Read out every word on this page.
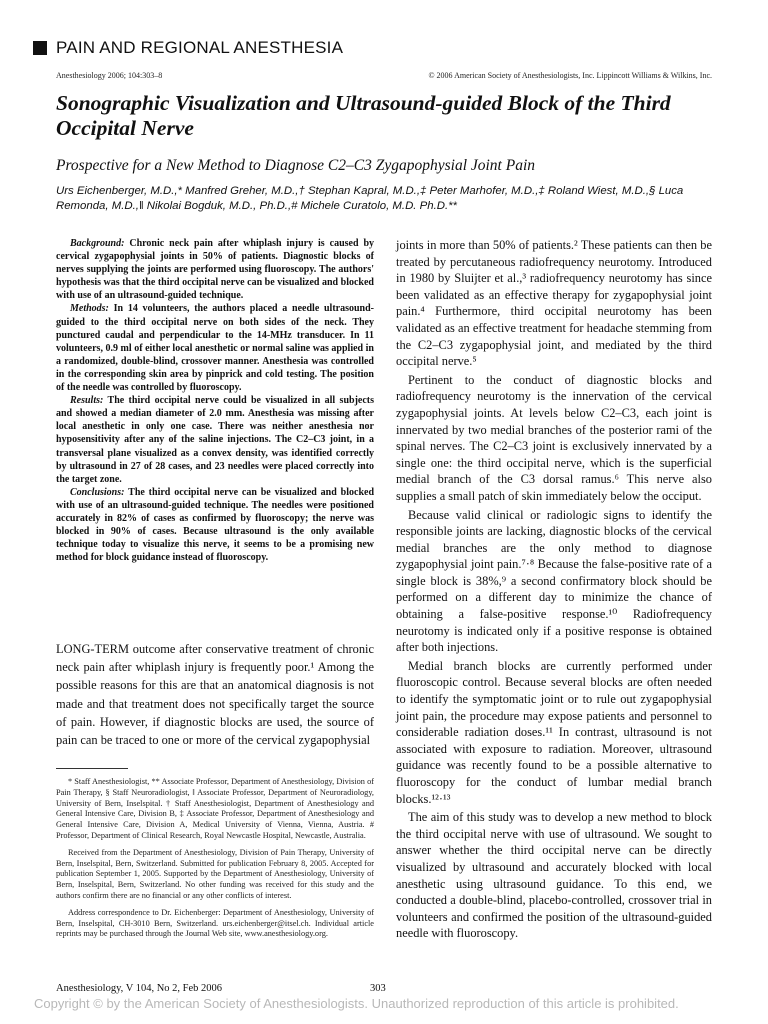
PAIN AND REGIONAL ANESTHESIA
Anesthesiology 2006; 104:303–8	© 2006 American Society of Anesthesiologists, Inc. Lippincott Williams & Wilkins, Inc.
Sonographic Visualization and Ultrasound-guided Block of the Third Occipital Nerve
Prospective for a New Method to Diagnose C2–C3 Zygapophysial Joint Pain
Urs Eichenberger, M.D.,* Manfred Greher, M.D.,† Stephan Kapral, M.D.,‡ Peter Marhofer, M.D.,‡ Roland Wiest, M.D.,§ Luca Remonda, M.D.,‖ Nikolai Bogduk, M.D., Ph.D.,# Michele Curatolo, M.D. Ph.D.**

Background: Chronic neck pain after whiplash injury is caused by cervical zygapophysial joints in 50% of patients. Diagnostic blocks of nerves supplying the joints are performed using fluoroscopy. The authors' hypothesis was that the third occipital nerve can be visualized and blocked with use of an ultrasound-guided technique.

Methods: In 14 volunteers, the authors placed a needle ultrasound-guided to the third occipital nerve on both sides of the neck. They punctured caudal and perpendicular to the 14-MHz transducer. In 11 volunteers, 0.9 ml of either local anesthetic or normal saline was applied in a randomized, double-blind, crossover manner. Anesthesia was controlled in the corresponding skin area by pinprick and cold testing. The position of the needle was controlled by fluoroscopy.

Results: The third occipital nerve could be visualized in all subjects and showed a median diameter of 2.0 mm. Anesthesia was missing after local anesthetic in only one case. There was neither anesthesia nor hyposensitivity after any of the saline injections. The C2–C3 joint, in a transversal plane visualized as a convex density, was identified correctly by ultrasound in 27 of 28 cases, and 23 needles were placed correctly into the target zone.

Conclusions: The third occipital nerve can be visualized and blocked with use of an ultrasound-guided technique. The needles were positioned accurately in 82% of cases as confirmed by fluoroscopy; the nerve was blocked in 90% of cases. Because ultrasound is the only available technique today to visualize this nerve, it seems to be a promising new method for block guidance instead of fluoroscopy.

LONG-TERM outcome after conservative treatment of chronic neck pain after whiplash injury is frequently poor.¹ Among the possible reasons for this are that an anatomical diagnosis is not made and that treatment does not specifically target the source of pain. However, if diagnostic blocks are used, the source of pain can be traced to one or more of the cervical zygapophysial

* Staff Anesthesiologist, ** Associate Professor, Department of Anesthesiology, Division of Pain Therapy, § Staff Neuroradiologist, ‖ Associate Professor, Department of Neuroradiology, University of Bern, Inselspital. † Staff Anesthesiologist, Department of Anesthesiology and General Intensive Care, Division B, ‡ Associate Professor, Department of Anesthesiology and General Intensive Care, Division A, Medical University of Vienna, Vienna, Austria. # Professor, Department of Clinical Research, Royal Newcastle Hospital, Newcastle, Australia.

Received from the Department of Anesthesiology, Division of Pain Therapy, University of Bern, Inselspital, Bern, Switzerland. Submitted for publication February 8, 2005. Accepted for publication September 1, 2005. Supported by the Department of Anesthesiology, University of Bern, Inselspital, Bern, Switzerland. No other funding was received for this study and the authors confirm there are no financial or any other conflicts of interest.

Address correspondence to Dr. Eichenberger: Department of Anesthesiology, University of Bern, Inselspital, CH-3010 Bern, Switzerland. urs.eichenberger@itsel.ch. Individual article reprints may be purchased through the Journal Web site, www.anesthesiology.org.

joints in more than 50% of patients.² These patients can then be treated by percutaneous radiofrequency neurotomy. Introduced in 1980 by Sluijter et al.,³ radiofrequency neurotomy has since been validated as an effective therapy for zygapophysial joint pain.⁴ Furthermore, third occipital neurotomy has been validated as an effective treatment for headache stemming from the C2–C3 zygapophysial joint, and mediated by the third occipital nerve.⁵

Pertinent to the conduct of diagnostic blocks and radiofrequency neurotomy is the innervation of the cervical zygapophysial joints. At levels below C2–C3, each joint is innervated by two medial branches of the posterior rami of the spinal nerves. The C2–C3 joint is exclusively innervated by a single one: the third occipital nerve, which is the superficial medial branch of the C3 dorsal ramus.⁶ This nerve also supplies a small patch of skin immediately below the occiput.

Because valid clinical or radiologic signs to identify the responsible joints are lacking, diagnostic blocks of the cervical medial branches are the only method to diagnose zygapophysial joint pain.⁷·⁸ Because the false-positive rate of a single block is 38%,⁹ a second confirmatory block should be performed on a different day to minimize the chance of obtaining a false-positive response.¹⁰ Radiofrequency neurotomy is indicated only if a positive response is obtained after both injections.

Medial branch blocks are currently performed under fluoroscopic control. Because several blocks are often needed to identify the symptomatic joint or to rule out zygapophysial joint pain, the procedure may expose patients and personnel to considerable radiation doses.¹¹ In contrast, ultrasound is not associated with exposure to radiation. Moreover, ultrasound guidance was recently found to be a possible alternative to fluoroscopy for the conduct of lumbar medial branch blocks.¹²·¹³

The aim of this study was to develop a new method to block the third occipital nerve with use of ultrasound. We sought to answer whether the third occipital nerve can be directly visualized by ultrasound and accurately blocked with local anesthetic using ultrasound guidance. To this end, we conducted a double-blind, placebo-controlled, crossover trial in volunteers and confirmed the position of the ultrasound-guided needle with fluoroscopy.

Anesthesiology, V 104, No 2, Feb 2006	303
Copyright © by the American Society of Anesthesiologists. Unauthorized reproduction of this article is prohibited.
